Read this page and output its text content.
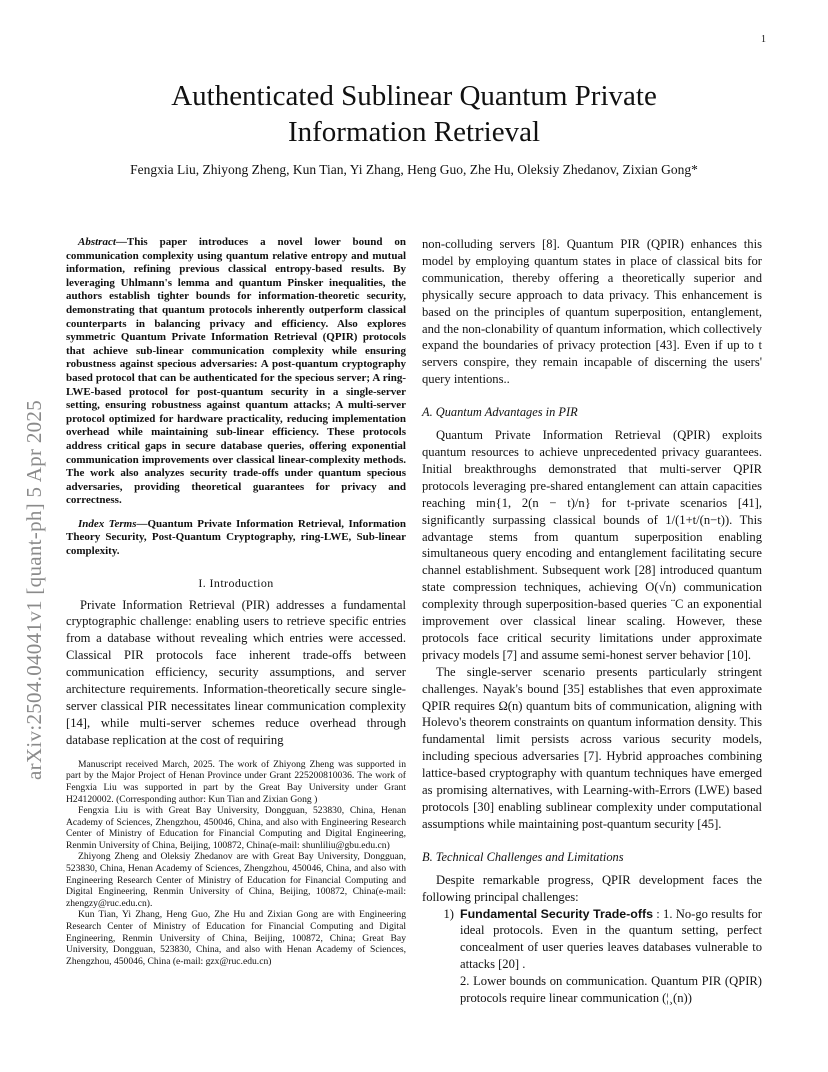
1
arXiv:2504.04041v1 [quant-ph] 5 Apr 2025
Authenticated Sublinear Quantum Private
Information Retrieval
Fengxia Liu, Zhiyong Zheng, Kun Tian, Yi Zhang, Heng Guo, Zhe Hu, Oleksiy Zhedanov, Zixian Gong*

Abstract—This paper introduces a novel lower bound on communication complexity using quantum relative entropy and mutual information, refining previous classical entropy-based results. By leveraging Uhlmann's lemma and quantum Pinsker inequalities, the authors establish tighter bounds for information-theoretic security, demonstrating that quantum protocols inherently outperform classical counterparts in balancing privacy and efficiency. Also explores symmetric Quantum Private Information Retrieval (QPIR) protocols that achieve sub-linear communication complexity while ensuring robustness against specious adversaries: A post-quantum cryptography based protocol that can be authenticated for the specious server; A ring-LWE-based protocol for post-quantum security in a single-server setting, ensuring robustness against quantum attacks; A multi-server protocol optimized for hardware practicality, reducing implementation overhead while maintaining sub-linear efficiency. These protocols address critical gaps in secure database queries, offering exponential communication improvements over classical linear-complexity methods. The work also analyzes security trade-offs under quantum specious adversaries, providing theoretical guarantees for privacy and correctness.

Index Terms—Quantum Private Information Retrieval, Information Theory Security, Post-Quantum Cryptography, ring-LWE, Sub-linear complexity.

I. Introduction

Private Information Retrieval (PIR) addresses a fundamental cryptographic challenge: enabling users to retrieve specific entries from a database without revealing which entries were accessed. Classical PIR protocols face inherent trade-offs between communication efficiency, security assumptions, and server architecture requirements. Information-theoretically secure single-server classical PIR necessitates linear communication complexity [14], while multi-server schemes reduce overhead through database replication at the cost of requiring

Manuscript received March, 2025. The work of Zhiyong Zheng was supported in part by the Major Project of Henan Province under Grant 225200810036. The work of Fengxia Liu was supported in part by the Great Bay University under Grant H24120002. (Corresponding author: Kun Tian and Zixian Gong )

Fengxia Liu is with Great Bay University, Dongguan, 523830, China, Henan Academy of Sciences, Zhengzhou, 450046, China, and also with Engineering Research Center of Ministry of Education for Financial Computing and Digital Engineering, Renmin University of China, Beijing, 100872, China(e-mail: shunliliu@gbu.edu.cn)

Zhiyong Zheng and Oleksiy Zhedanov are with Great Bay University, Dongguan, 523830, China, Henan Academy of Sciences, Zhengzhou, 450046, China, and also with Engineering Research Center of Ministry of Education for Financial Computing and Digital Engineering, Renmin University of China, Beijing, 100872, China(e-mail: zhengzy@ruc.edu.cn).

Kun Tian, Yi Zhang, Heng Guo, Zhe Hu and Zixian Gong are with Engineering Research Center of Ministry of Education for Financial Computing and Digital Engineering, Renmin University of China, Beijing, 100872, China; Great Bay University, Dongguan, 523830, China, and also with Henan Academy of Sciences, Zhengzhou, 450046, China (e-mail: gzx@ruc.edu.cn)

non-colluding servers [8]. Quantum PIR (QPIR) enhances this model by employing quantum states in place of classical bits for communication, thereby offering a theoretically superior and physically secure approach to data privacy. This enhancement is based on the principles of quantum superposition, entanglement, and the non-clonability of quantum information, which collectively expand the boundaries of privacy protection [43]. Even if up to t servers conspire, they remain incapable of discerning the users' query intentions..

A. Quantum Advantages in PIR

Quantum Private Information Retrieval (QPIR) exploits quantum resources to achieve unprecedented privacy guarantees. Initial breakthroughs demonstrated that multi-server QPIR protocols leveraging pre-shared entanglement can attain capacities reaching min{1, 2(n − t)/n} for t-private scenarios [41], significantly surpassing classical bounds of 1/(1+t/(n−t)). This advantage stems from quantum superposition enabling simultaneous query encoding and entanglement facilitating secure channel establishment. Subsequent work [28] introduced quantum state compression techniques, achieving O(√n) communication complexity through superposition-based queries ¨C an exponential improvement over classical linear scaling. However, these protocols face critical security limitations under approximate privacy models [7] and assume semi-honest server behavior [10].

The single-server scenario presents particularly stringent challenges. Nayak's bound [35] establishes that even approximate QPIR requires Ω(n) quantum bits of communication, aligning with Holevo's theorem constraints on quantum information density. This fundamental limit persists across various security models, including specious adversaries [7]. Hybrid approaches combining lattice-based cryptography with quantum techniques have emerged as promising alternatives, with Learning-with-Errors (LWE) based protocols [30] enabling sublinear complexity under computational assumptions while maintaining post-quantum security [45].

B. Technical Challenges and Limitations

Despite remarkable progress, QPIR development faces the following principal challenges:

1) Fundamental Security Trade-offs : 1. No-go results for ideal protocols. Even in the quantum setting, perfect concealment of user queries leaves databases vulnerable to attacks [20] .

2. Lower bounds on communication. Quantum PIR (QPIR) protocols require linear communication (¦¸(n))
